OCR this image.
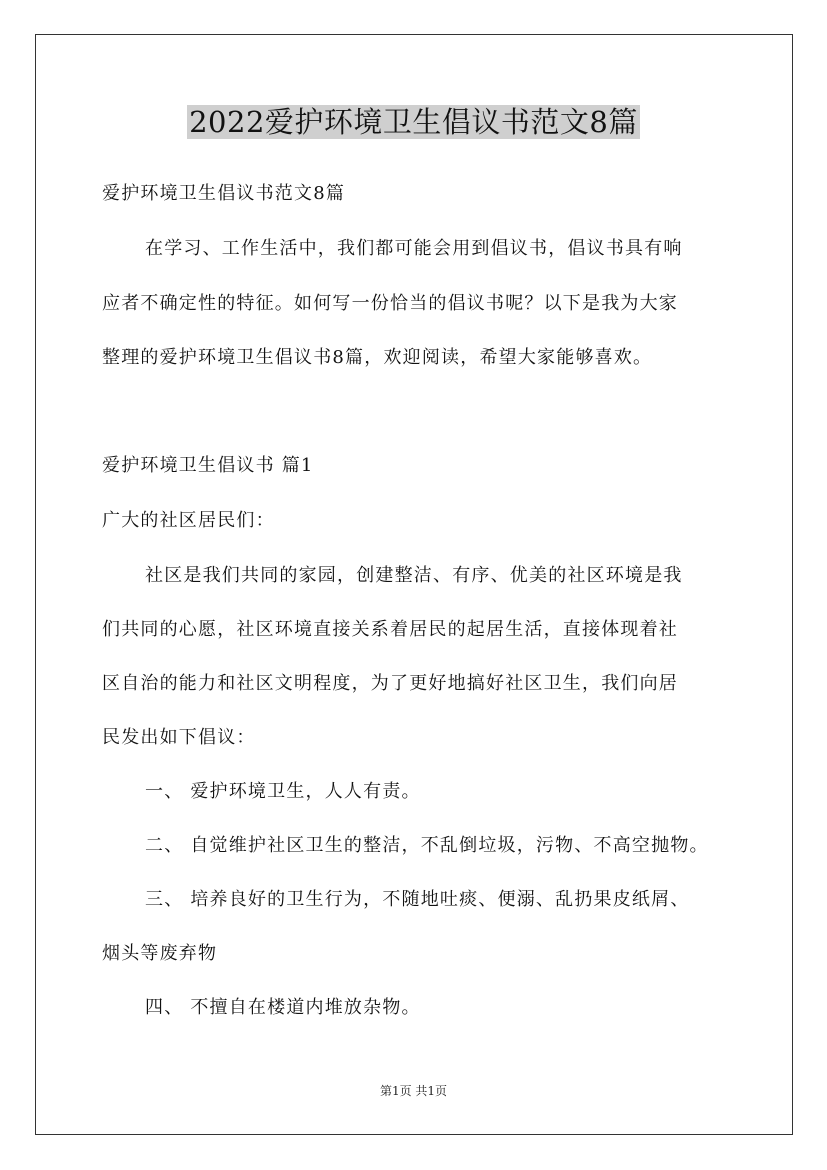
2022爱护环境卫生倡议书范文8篇
爱护环境卫生倡议书范文8篇
在学习、工作生活中，我们都可能会用到倡议书，倡议书具有响
应者不确定性的特征。如何写一份恰当的倡议书呢？以下是我为大家
整理的爱护环境卫生倡议书8篇，欢迎阅读，希望大家能够喜欢。
爱护环境卫生倡议书 篇1
广大的社区居民们：
社区是我们共同的家园，创建整洁、有序、优美的社区环境是我
们共同的心愿，社区环境直接关系着居民的起居生活，直接体现着社
区自治的能力和社区文明程度，为了更好地搞好社区卫生，我们向居
民发出如下倡议：
一、 爱护环境卫生，人人有责。
二、 自觉维护社区卫生的整洁，不乱倒垃圾，污物、不高空抛物。
三、 培养良好的卫生行为，不随地吐痰、便溺、乱扔果皮纸屑、
烟头等废弃物
四、 不擅自在楼道内堆放杂物。
第1页 共1页
